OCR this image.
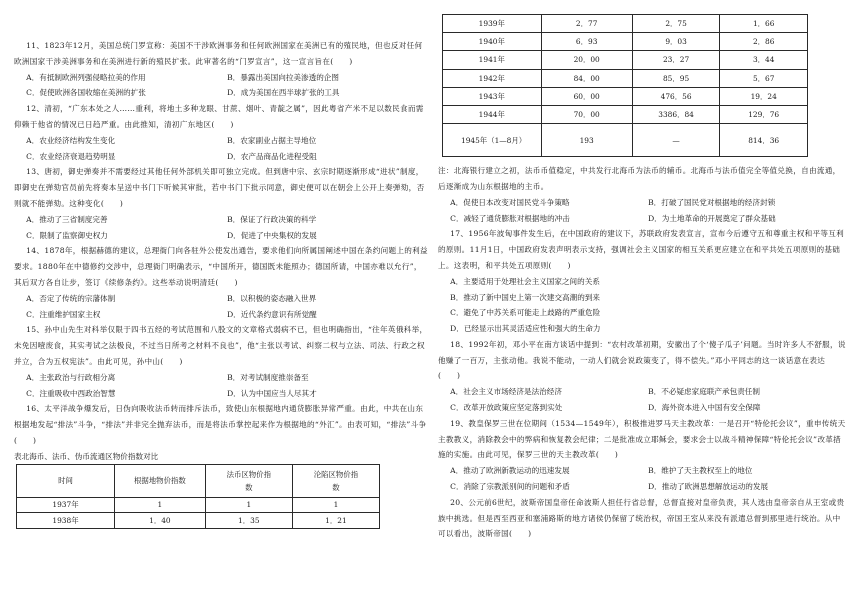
11、1823年12月，美国总统门罗宣称：美国不干涉欧洲事务和任何欧洲国家在美洲已有的殖民地，但也反对任何欧洲国家干涉美洲事务和在美洲进行新的殖民扩张。此审著名的“门罗宣言”，这一宣言旨在(　　)

A．有抵制欧洲列强侵略拉美的作用	B．暴露出美国向拉美渗透的企图
C．促使欧洲各国收缩在美洲的扩张	D．成为美国在西半球扩张的工具

12、清初，“广东本处之人……重利，将地土多种龙眼、甘蔗、烟叶、青靛之属”，因此粤省产米不足以数民食而需仰赖于他省的情况已日趋严重。由此推知，清初广东地区(　　)

A．农业经济结构发生变化	B．农家副业占据主导地位
C．农业经济衰退趋势明显	D．农产品商品化进程受阻

13、唐初，御史弹奏并不需要经过其他任何外部机关即可独立完成。但到唐中宗、玄宗时期逐渐形成“进状”制度，即御史在弹劾官员前先将奏本呈送中书门下听候其审批，若中书门下批示同意，御史便可以在朝会上公开上奏弹劾，否则就不能弹劾。这种变化(　　)

A．推动了三省制度完善	B．保证了行政决策的科学
C．限制了监察御史权力	D．促进了中央集权的发展

14、1878年，根据赫德的建议，总理衙门向各驻外公使发出通告，要求他们向所属国阐述中国在条约问题上的利益要求。1880年在中德修约交涉中，总理衙门明确表示，“中国所开，德国既未能照办；德国所请，中国亦难以允行”，其后双方各自让步，签订《续修条约》。这些举动说明清廷(　　)

A．否定了传统的宗藩体制	B．以积极的姿态融入世界
C．注重维护国家主权	D．近代条约意识有所觉醒

15、孙中山先生对科举仅限于四书五经的考试范围和八股文的文章格式弱病不已，但也明确指出，“往年英俄科举，未免因噎废食，其实考试之法极良，不过当日所考之材料不良也”，他“主张以考试、纠察二权与立法、司法、行政之权并立，合为五权宪法”。由此可见，孙中山(　　)

A．主张政治与行政相分离	B．对考试制度推崇备至
C．注重吸收中西政治智慧	D．认为中国应当人尽其才

16、太平洋战争爆发后，日伪向吸收法币转而排斥法币，致使山东根据地内通货膨胀异常严重。由此，中共在山东根据地发起“排法”斗争，“排法”并非完全抛弃法币，而是将法币掌控起来作为根据地的“外汇”。由表可知，“排法”斗争(　　)

表北海币、法币、伪币流通区物价指数对比

时间	根据地物价指数	法币区物价指数	沦陷区物价指数
1937年	1	1	1
1938年	1．40	1．35	1．21
1939年	2．77	2．75	1．66
1940年	6．93	9．03	2．86
1941年	20．00	23．27	3．44
1942年	84．00	85．95	5．67
1943年	60．00	476．56	19．24
1944年	70．00	3386．84	129．76
1945年（1—8月）	193	—	814．36

注：北海银行建立之初，法币币值稳定，中共发行北海币为法币的辅币。北海币与法币值完全等值兑换，自由流通，后逐渐成为山东根据地的主币。

A．促使日本改变对国民党斗争策略	B．打破了国民党对根据地的经济封锁
C．减轻了通货膨胀对根据地的冲击	D．为土地革命的开展奠定了群众基础

17、1956年波匈事件发生后，在中国政府的建议下，苏联政府发表宣言，宣布今后遵守五和尊重主权和平等互利的原则。11月1日，中国政府发表声明表示支持，强调社会主义国家的相互关系更应建立在和平共处五项原则的基础上。这表明，和平共处五项原则(　　)

A．主要适用于处理社会主义国家之间的关系
B．推动了新中国史上第一次建交高潮的到来
C．避免了中苏关系可能走上歧路的严重危险
D．已经显示出其灵活适应性和强大的生命力

18、1992年初，邓小平在南方谈话中提到：“农村改革初期，安徽出了个‘傻子瓜子’问题。当时许多人不舒服，说他赚了一百万，主张动他。我说不能动，一动人们就会说政策变了，得不偿失。”邓小平同志的这一谈话意在表达(　　)

A．社会主义市场经济是法治经济	B．不必疑虑家庭联产承包责任制
C．改革开放政策应坚定落到实处	D．海外资本进入中国有安全保障

19、教皇保罗三世在位期间（1534—1549年），积极推进罗马天主教改革：一是召开“特伦托会议”，重申传统天主教教义，消除教会中的弊病和恢复教会纪律；二是批准成立耶稣会，要求会士以战斗精神保障“特伦托会议”改革措施的实施。由此可见，保罗三世的天主教改革(　　)

A．推动了欧洲新教运动的迅速发展	B．维护了天主教权至上的地位
C．消除了宗教派别间的问题和矛盾	D．推动了欧洲思想解放运动的发展

20、公元前6世纪，波斯帝国皇帝任命波斯人担任行省总督，总督直接对皇帝负责，其人选由皇帝亲自从王室或贵族中挑选。但是西至西亚和塞浦路斯的地方诸侯仍保留了统治权，帝国王室从来没有派遣总督到那里进行统治。从中可以看出，波斯帝国(　　)
